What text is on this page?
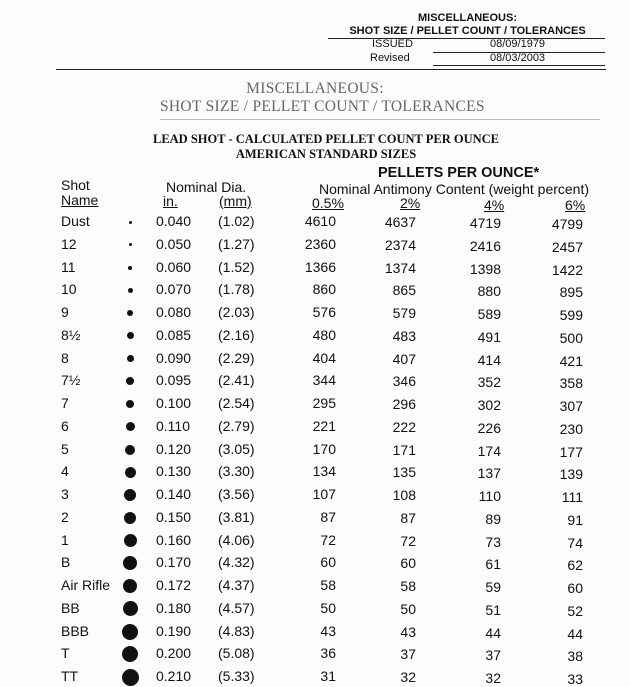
MISCELLANEOUS:
SHOT SIZE / PELLET COUNT / TOLERANCES
ISSUED	08/09/1979
Revised	08/03/2003
MISCELLANEOUS:
SHOT SIZE / PELLET COUNT / TOLERANCES
LEAD SHOT - CALCULATED PELLET COUNT PER OUNCE
AMERICAN STANDARD SIZES
PELLETS PER OUNCE*
Shot
Name
Nominal Dia.
in.	(mm)
Nominal Antimony Content (weight percent)
0.5%	2%	4%	6%
Dust	0.040 (1.02)	4610	4637	4719	4799
12	0.050 (1.27)	2360	2374	2416	2457
11	0.060 (1.52)	1366	1374	1398	1422
10	0.070 (1.78)	860	865	880	895
9	0.080 (2.03)	576	579	589	599
8½	0.085 (2.16)	480	483	491	500
8	0.090 (2.29)	404	407	414	421
7½	0.095 (2.41)	344	346	352	358
7	0.100 (2.54)	295	296	302	307
6	0.110 (2.79)	221	222	226	230
5	0.120 (3.05)	170	171	174	177
4	0.130 (3.30)	134	135	137	139
3	0.140 (3.56)	107	108	110	111
2	0.150 (3.81)	87	87	89	91
1	0.160 (4.06)	72	72	73	74
B	0.170 (4.32)	60	60	61	62
Air Rifle	0.172 (4.37)	58	58	59	60
BB	0.180 (4.57)	50	50	51	52
BBB	0.190 (4.83)	43	43	44	44
T	0.200 (5.08)	36	37	37	38
TT	0.210 (5.33)	31	32	32	33
